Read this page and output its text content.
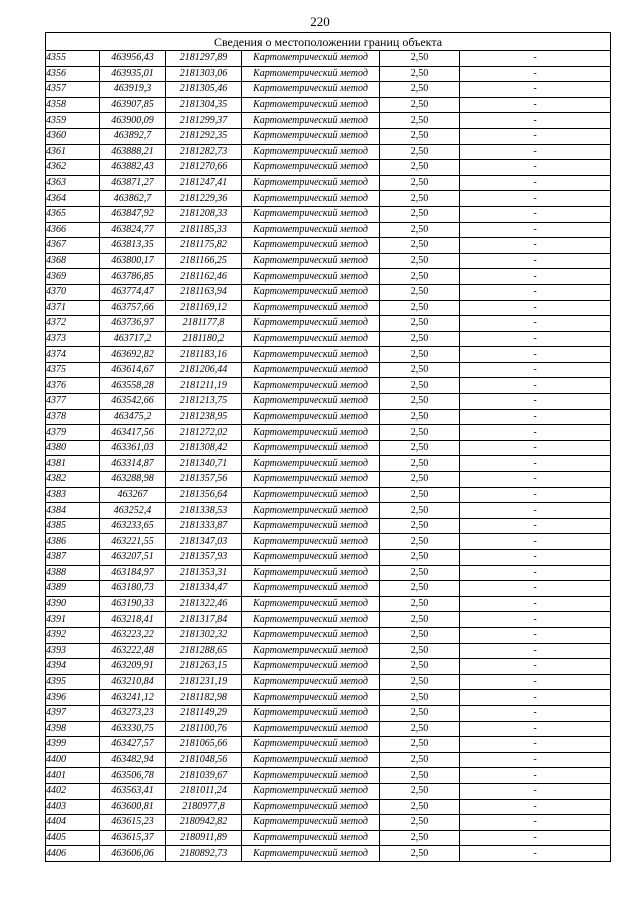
220
Сведения о местоположении границ объекта					
4355	463956,43	2181297,89	Картометрический метод	2,50	-
4356	463935,01	2181303,06	Картометрический метод	2,50	-
4357	463919,3	2181305,46	Картометрический метод	2,50	-
4358	463907,85	2181304,35	Картометрический метод	2,50	-
4359	463900,09	2181299,37	Картометрический метод	2,50	-
4360	463892,7	2181292,35	Картометрический метод	2,50	-
4361	463888,21	2181282,73	Картометрический метод	2,50	-
4362	463882,43	2181270,66	Картометрический метод	2,50	-
4363	463871,27	2181247,41	Картометрический метод	2,50	-
4364	463862,7	2181229,36	Картометрический метод	2,50	-
4365	463847,92	2181208,33	Картометрический метод	2,50	-
4366	463824,77	2181185,33	Картометрический метод	2,50	-
4367	463813,35	2181175,82	Картометрический метод	2,50	-
4368	463800,17	2181166,25	Картометрический метод	2,50	-
4369	463786,85	2181162,46	Картометрический метод	2,50	-
4370	463774,47	2181163,94	Картометрический метод	2,50	-
4371	463757,66	2181169,12	Картометрический метод	2,50	-
4372	463736,97	2181177,8	Картометрический метод	2,50	-
4373	463717,2	2181180,2	Картометрический метод	2,50	-
4374	463692,82	2181183,16	Картометрический метод	2,50	-
4375	463614,67	2181206,44	Картометрический метод	2,50	-
4376	463558,28	2181211,19	Картометрический метод	2,50	-
4377	463542,66	2181213,75	Картометрический метод	2,50	-
4378	463475,2	2181238,95	Картометрический метод	2,50	-
4379	463417,56	2181272,02	Картометрический метод	2,50	-
4380	463361,03	2181308,42	Картометрический метод	2,50	-
4381	463314,87	2181340,71	Картометрический метод	2,50	-
4382	463288,98	2181357,56	Картометрический метод	2,50	-
4383	463267	2181356,64	Картометрический метод	2,50	-
4384	463252,4	2181338,53	Картометрический метод	2,50	-
4385	463233,65	2181333,87	Картометрический метод	2,50	-
4386	463221,55	2181347,03	Картометрический метод	2,50	-
4387	463207,51	2181357,93	Картометрический метод	2,50	-
4388	463184,97	2181353,31	Картометрический метод	2,50	-
4389	463180,73	2181334,47	Картометрический метод	2,50	-
4390	463190,33	2181322,46	Картометрический метод	2,50	-
4391	463218,41	2181317,84	Картометрический метод	2,50	-
4392	463223,22	2181302,32	Картометрический метод	2,50	-
4393	463222,48	2181288,65	Картометрический метод	2,50	-
4394	463209,91	2181263,15	Картометрический метод	2,50	-
4395	463210,84	2181231,19	Картометрический метод	2,50	-
4396	463241,12	2181182,98	Картометрический метод	2,50	-
4397	463273,23	2181149,29	Картометрический метод	2,50	-
4398	463330,75	2181100,76	Картометрический метод	2,50	-
4399	463427,57	2181065,66	Картометрический метод	2,50	-
4400	463482,94	2181048,56	Картометрический метод	2,50	-
4401	463506,78	2181039,67	Картометрический метод	2,50	-
4402	463563,41	2181011,24	Картометрический метод	2,50	-
4403	463600,81	2180977,8	Картометрический метод	2,50	-
4404	463615,23	2180942,82	Картометрический метод	2,50	-
4405	463615,37	2180911,89	Картометрический метод	2,50	-
4406	463606,06	2180892,73	Картометрический метод	2,50	-
